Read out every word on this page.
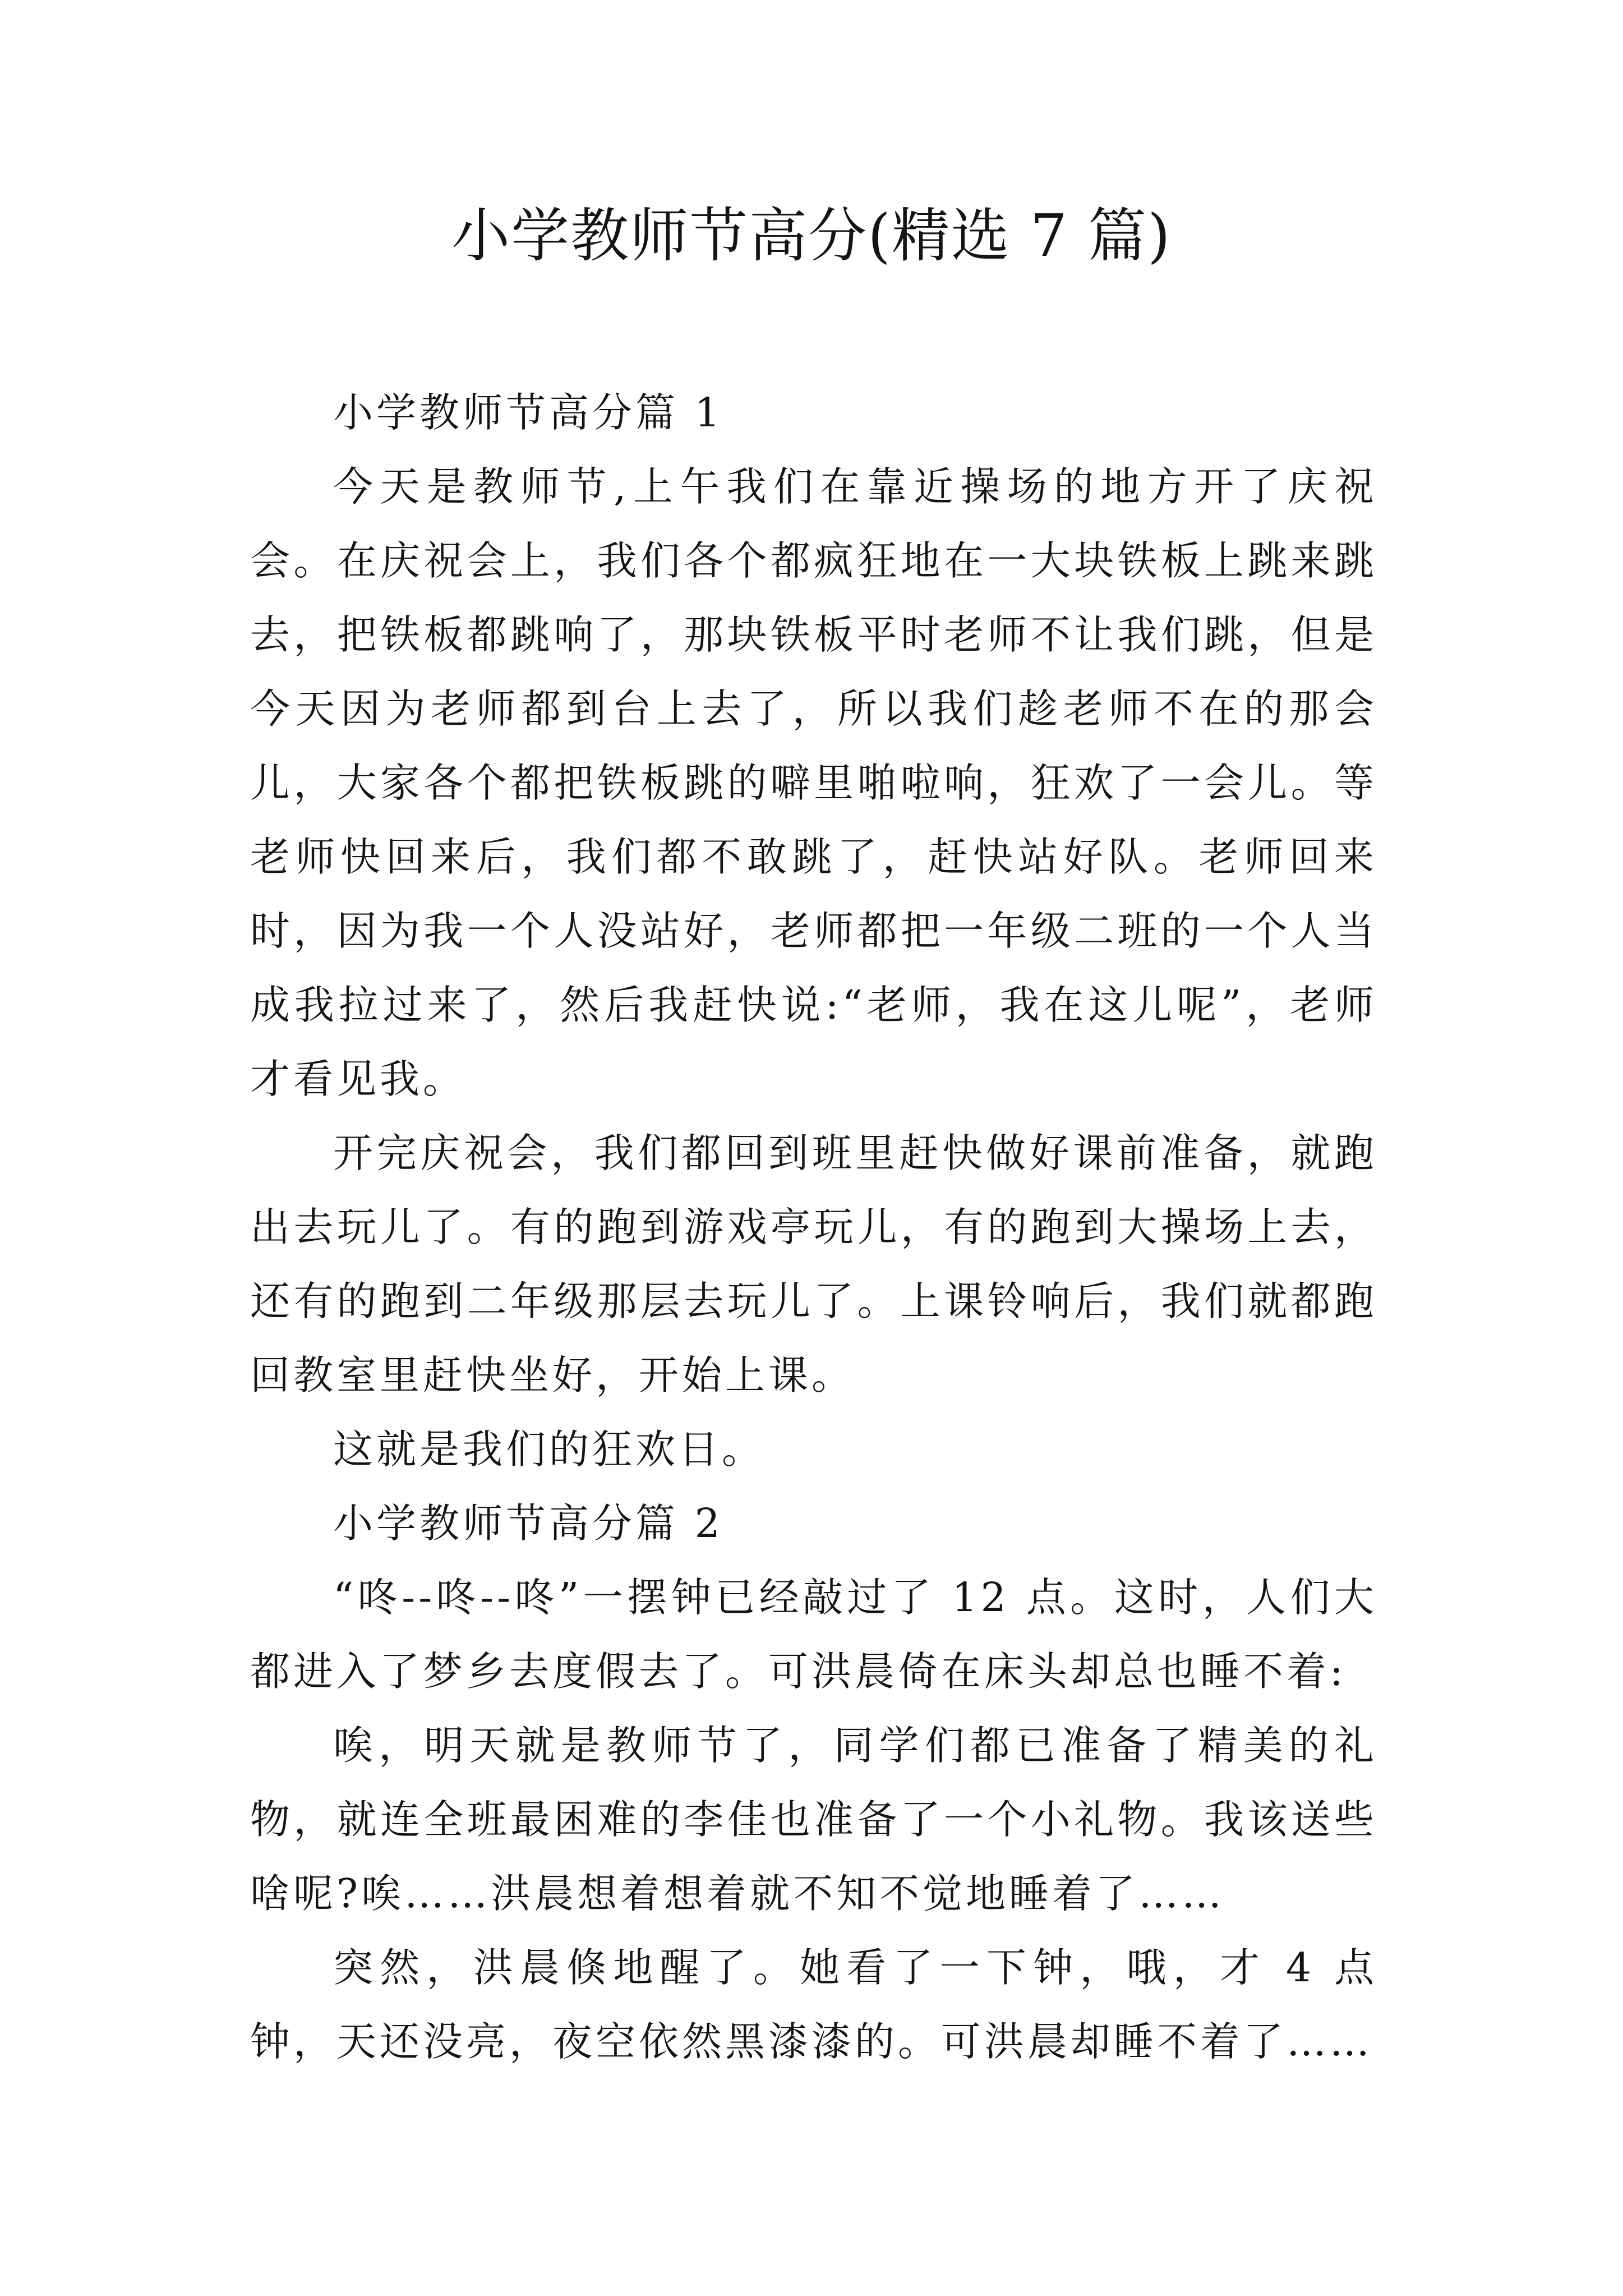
小学教师节高分(精选 7 篇)

小学教师节高分篇 1

今天是教师节,上午我们在靠近操场的地方开了庆祝会。在庆祝会上，我们各个都疯狂地在一大块铁板上跳来跳去，把铁板都跳响了，那块铁板平时老师不让我们跳，但是今天因为老师都到台上去了，所以我们趁老师不在的那会儿，大家各个都把铁板跳的噼里啪啦响，狂欢了一会儿。等老师快回来后，我们都不敢跳了，赶快站好队。老师回来时，因为我一个人没站好，老师都把一年级二班的一个人当成我拉过来了，然后我赶快说:“老师，我在这儿呢”，老师才看见我。

开完庆祝会，我们都回到班里赶快做好课前准备，就跑出去玩儿了。有的跑到游戏亭玩儿，有的跑到大操场上去，还有的跑到二年级那层去玩儿了。上课铃响后，我们就都跑回教室里赶快坐好，开始上课。

这就是我们的狂欢日。

小学教师节高分篇 2

“咚--咚--咚”一摆钟已经敲过了 12 点。这时，人们大都进入了梦乡去度假去了。可洪晨倚在床头却总也睡不着:

唉，明天就是教师节了，同学们都已准备了精美的礼物，就连全班最困难的李佳也准备了一个小礼物。我该送些啥呢?唉……洪晨想着想着就不知不觉地睡着了……

突然，洪晨倏地醒了。她看了一下钟，哦，才 4 点钟，天还没亮，夜空依然黑漆漆的。可洪晨却睡不着了……
